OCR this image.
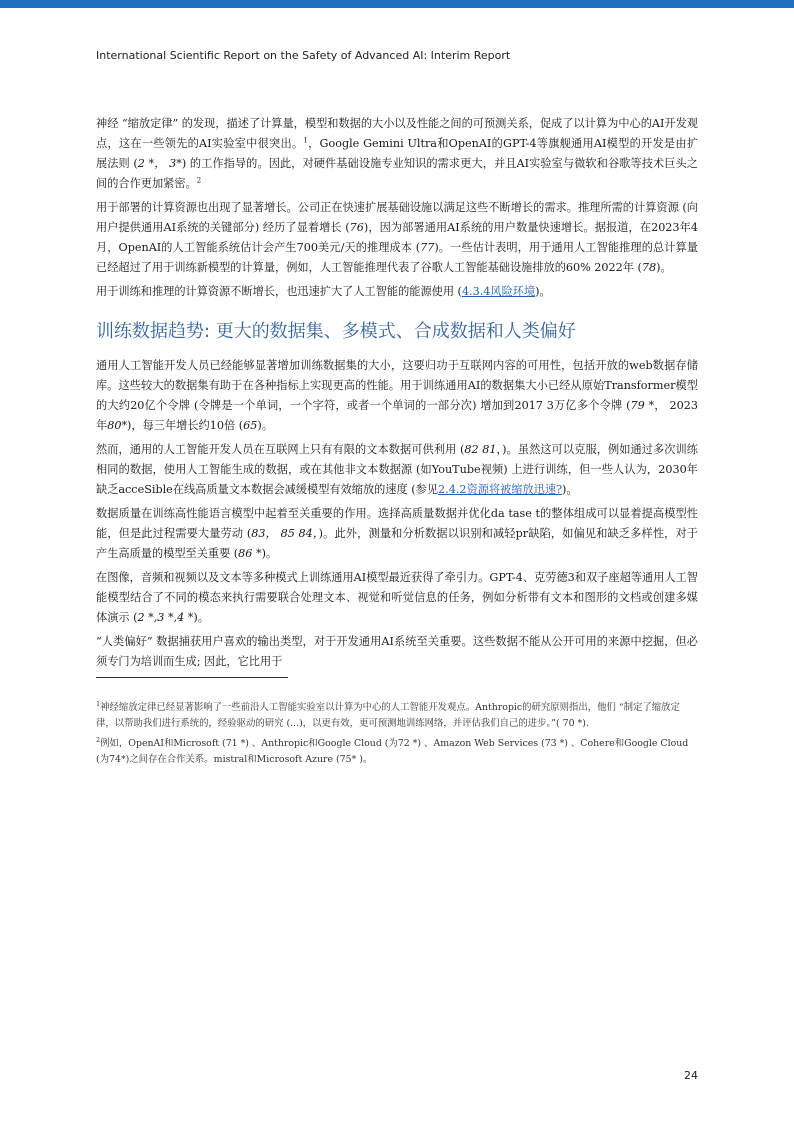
International Scientific Report on the Safety of Advanced AI: Interim Report

神经 “缩放定律” 的发现，描述了计算量，模型和数据的大小以及性能之间的可预测关系，促成了以计算为中心的AI开发观点，这在一些领先的AI实验室中很突出。$^1$，Google Gemini Ultra和OpenAI的GPT-4等旗舰通用AI模型的开发是由扩展法则 (2 *， 3*) 的工作指导的。因此，对硬件基础设施专业知识的需求更大，并且AI实验室与微软和谷歌等技术巨头之间的合作更加紧密。$^2$

用于部署的计算资源也出现了显著增长。公司正在快速扩展基础设施以满足这些不断增长的需求。推理所需的计算资源 (向用户提供通用AI系统的关键部分) 经历了显着增长 (76)，因为部署通用AI系统的用户数量快速增长。据报道，在2023年4月，OpenAI的人工智能系统估计会产生700美元/天的推理成本 (77)。一些估计表明，用于通用人工智能推理的总计算量已经超过了用于训练新模型的计算量，例如，人工智能推理代表了谷歌人工智能基础设施排放的60% 2022年 (78)。

用于训练和推理的计算资源不断增长，也迅速扩大了人工智能的能源使用 (4.3.4风险环境)。

训练数据趋势: 更大的数据集、多模式、合成数据和人类偏好

通用人工智能开发人员已经能够显著增加训练数据集的大小，这要归功于互联网内容的可用性，包括开放的web数据存储库。这些较大的数据集有助于在各种指标上实现更高的性能。用于训练通用AI的数据集大小已经从原始Transformer模型的大约20亿个令牌 (令牌是一个单词，一个字符，或者一个单词的一部分次) 增加到2017 3万亿多个令牌 (79 *， 2023年80*)，每三年增长约10倍 (65)。

然而，通用的人工智能开发人员在互联网上只有有限的文本数据可供利用 (82 81，)。虽然这可以克服，例如通过多次训练相同的数据，使用人工智能生成的数据，或在其他非文本数据源 (如YouTube视频) 上进行训练，但一些人认为，2030年缺乏acceSible在线高质量文本数据会减缓模型有效缩放的速度 (参见2.4.2资源将被缩放迅速?)。

数据质量在训练高性能语言模型中起着至关重要的作用。选择高质量数据并优化da tase t的整体组成可以显着提高模型性能，但是此过程需要大量劳动 (83， 85 84，)。此外，测量和分析数据以识别和减轻pr缺陷，如偏见和缺乏多样性，对于产生高质量的模型至关重要 (86 *)。

在图像，音频和视频以及文本等多种模式上训练通用AI模型最近获得了牵引力。GPT-4、克劳德3和双子座超等通用人工智能模型结合了不同的模态来执行需要联合处理文本、视觉和听觉信息的任务，例如分析带有文本和图形的文档或创建多媒体演示 (2 *,3 *,4 *)。

“人类偏好” 数据捕获用户喜欢的输出类型，对于开发通用AI系统至关重要。这些数据不能从公开可用的来源中挖掘，但必须专门为培训而生成; 因此，它比用于

$^1$神经缩放定律已经显著影响了一些前沿人工智能实验室以计算为中心的人工智能开发观点。Anthropic的研究原则指出，他们 “制定了缩放定律，以帮助我们进行系统的，经验驱动的研究 (...)，以更有效，更可预测地训练网络，并评估我们自己的进步。”( 70 *).

$^2$例如，OpenAI和Microsoft (71 *) 、Anthropic和Google Cloud (为72 *) 、Amazon Web Services (73 *) 、Cohere和Google Cloud (为74*)之间存在合作关系。mistral和Microsoft Azure (75* )。

24
